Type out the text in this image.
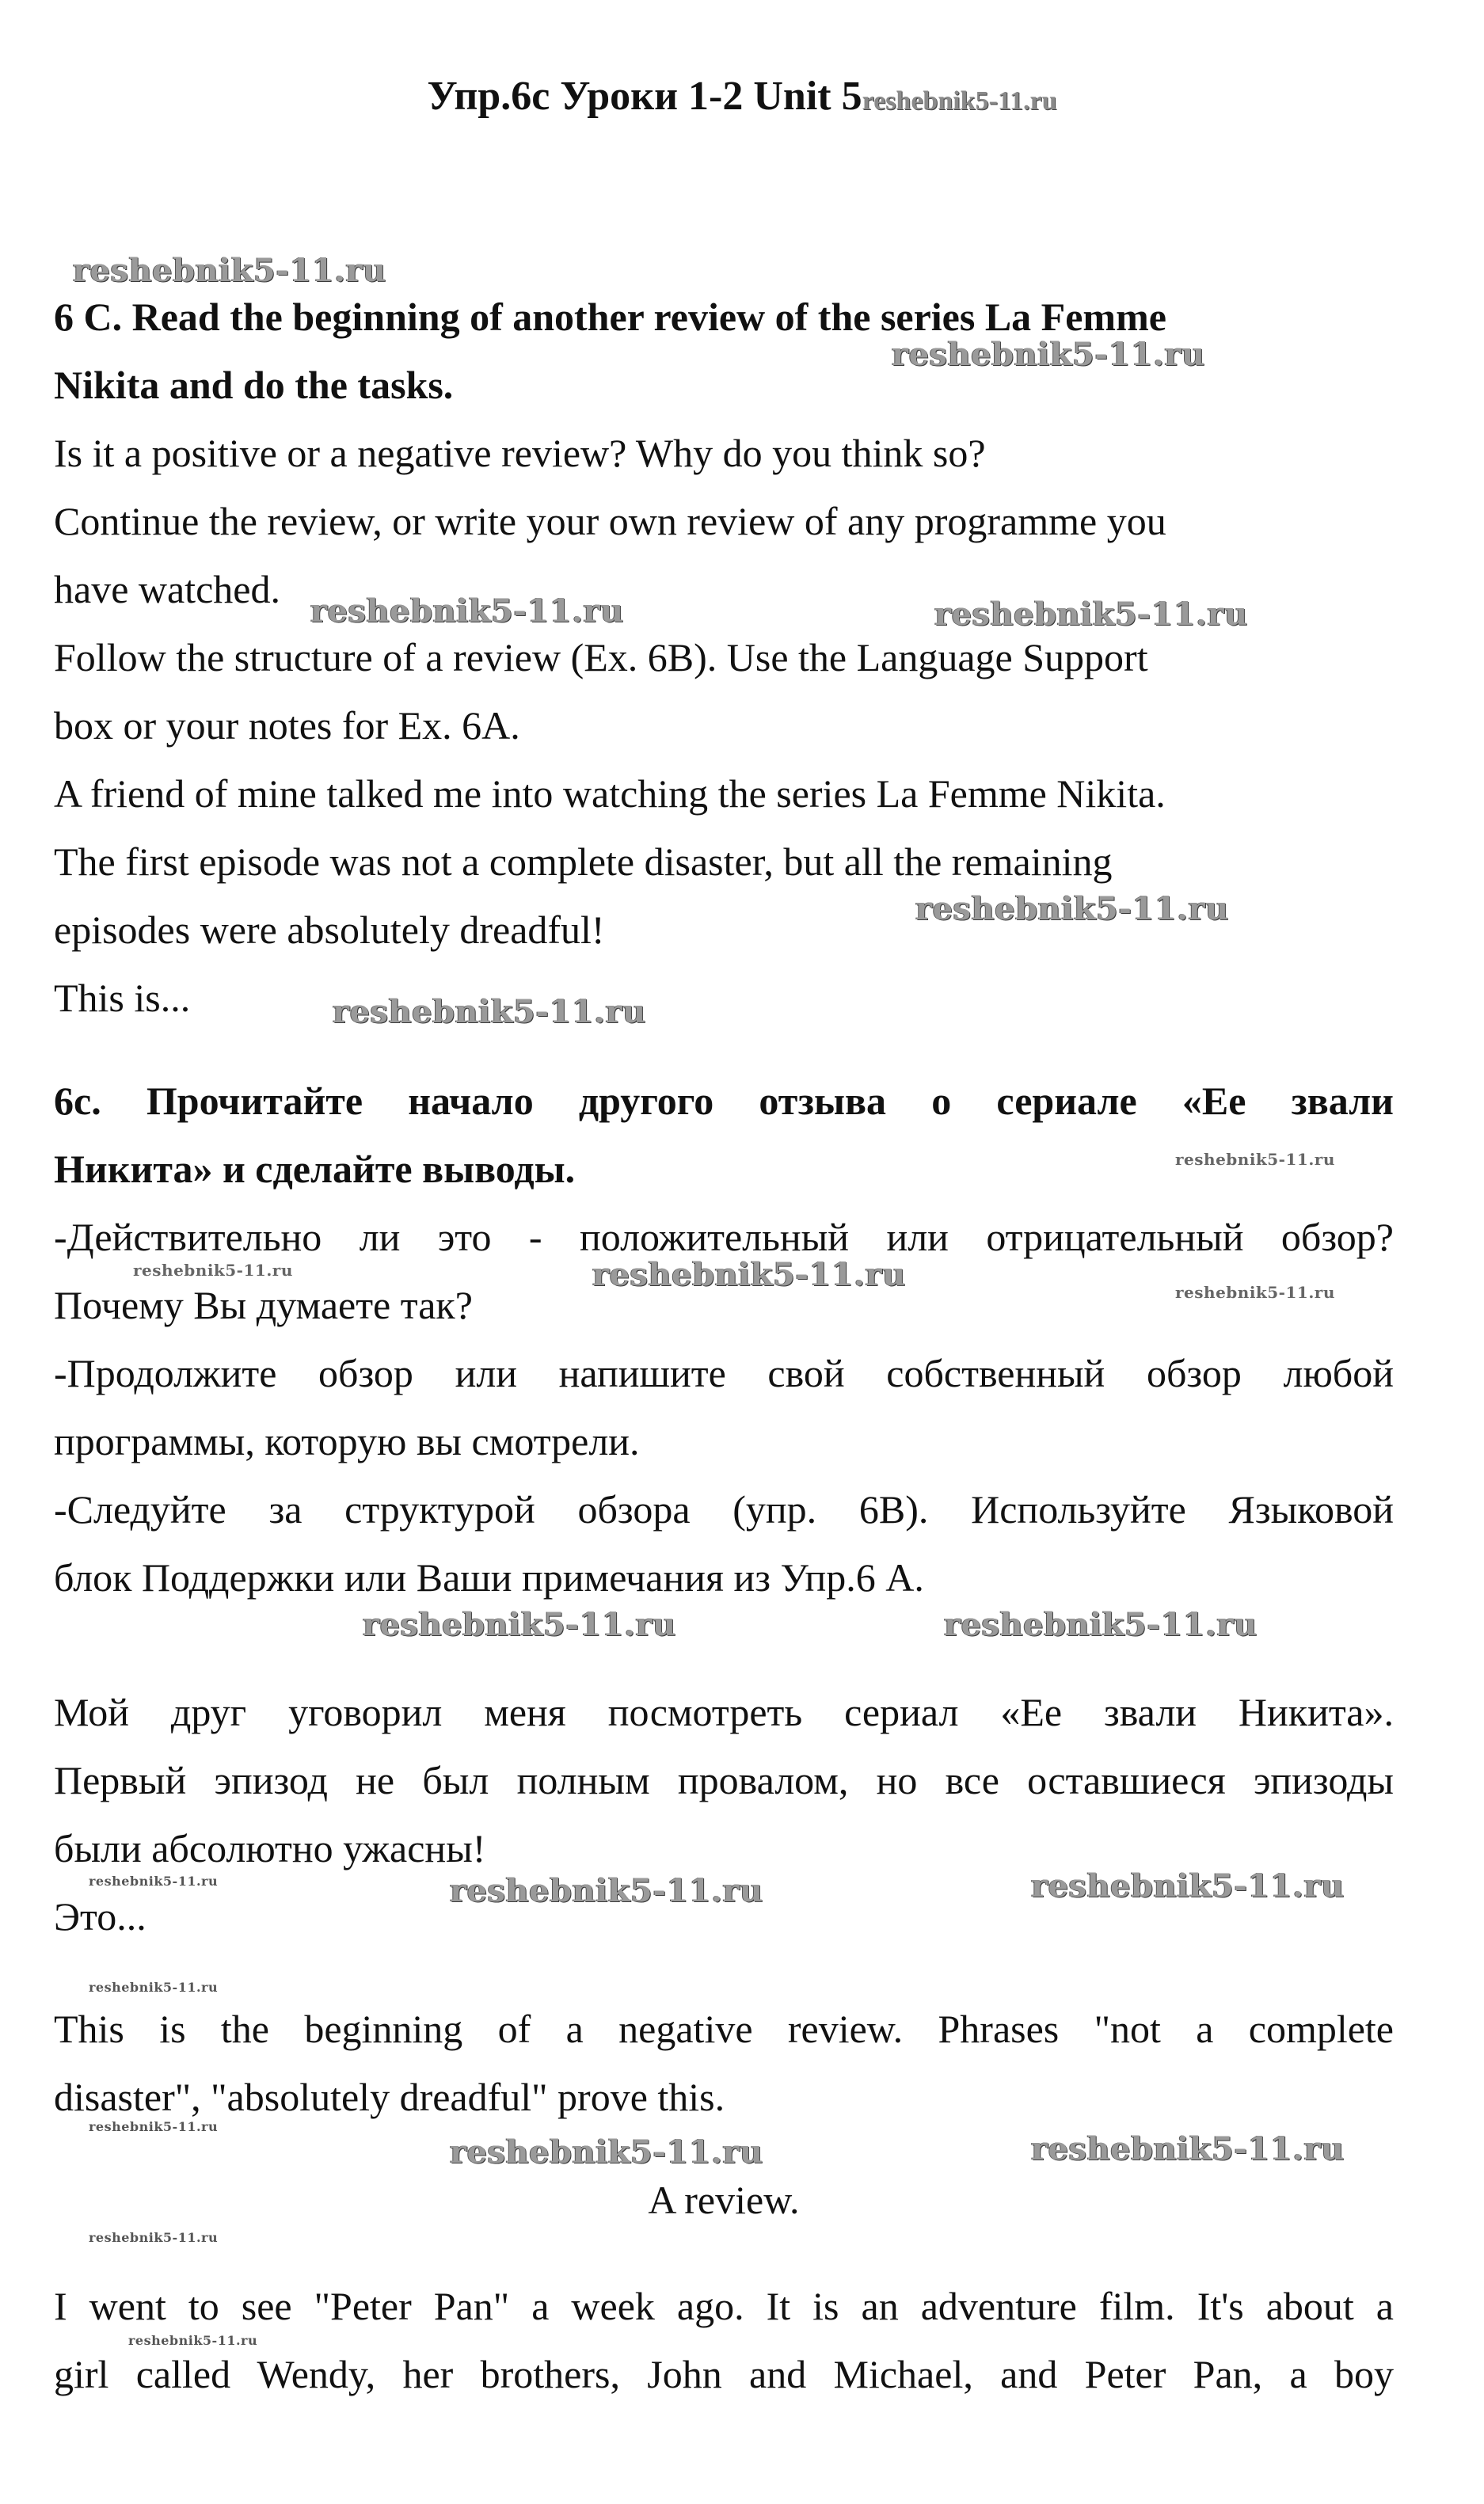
Упр.6с Уроки 1-2 Unit 5reshebnik5-11.ru
6 C. Read the beginning of another review of the series La Femme
Nikita and do the tasks.
Is it a positive or a negative review? Why do you think so?
Continue the review, or write your own review of any programme you
have watched.
Follow the structure of a review (Ex. 6B). Use the Language Support
box or your notes for Ex. 6A.
A friend of mine talked me into watching the series La Femme Nikita.
The first episode was not a complete disaster, but all the remaining
episodes were absolutely dreadful!
This is...
6с. Прочитайте начало другого отзыва о сериале «Ее звали
Никита» и сделайте выводы.
-Действительно ли это - положительный или отрицательный обзор?
Почему Вы думаете так?
-Продолжите обзор или напишите свой собственный обзор любой
программы, которую вы смотрели.
-Следуйте за структурой обзора (упр. 6B). Используйте Языковой
блок Поддержки или Ваши примечания из Упр.6 А.
Мой друг уговорил меня посмотреть сериал «Ее звали Никита».
Первый эпизод не был полным провалом, но все оставшиеся эпизоды
были абсолютно ужасны!
Это...
This is the beginning of a negative review. Phrases "not a complete
disaster", "absolutely dreadful" prove this.
A review.
I went to see "Peter Pan" a week ago. It is an adventure film. It's about a
girl called Wendy, her brothers, John and Michael, and Peter Pan, a boy
reshebnik5-11.ru
reshebnik5-11.ru
reshebnik5-11.ru	reshebnik5-11.ru
reshebnik5-11.ru
reshebnik5-11.ru
reshebnik5-11.ru
reshebnik5-11.ru	reshebnik5-11.ru	reshebnik5-11.ru
reshebnik5-11.ru	reshebnik5-11.ru
reshebnik5-11.ru	reshebnik5-11.ru	reshebnik5-11.ru
reshebnik5-11.ru
reshebnik5-11.ru
reshebnik5-11.ru	reshebnik5-11.ru
reshebnik5-11.ru
reshebnik5-11.ru
